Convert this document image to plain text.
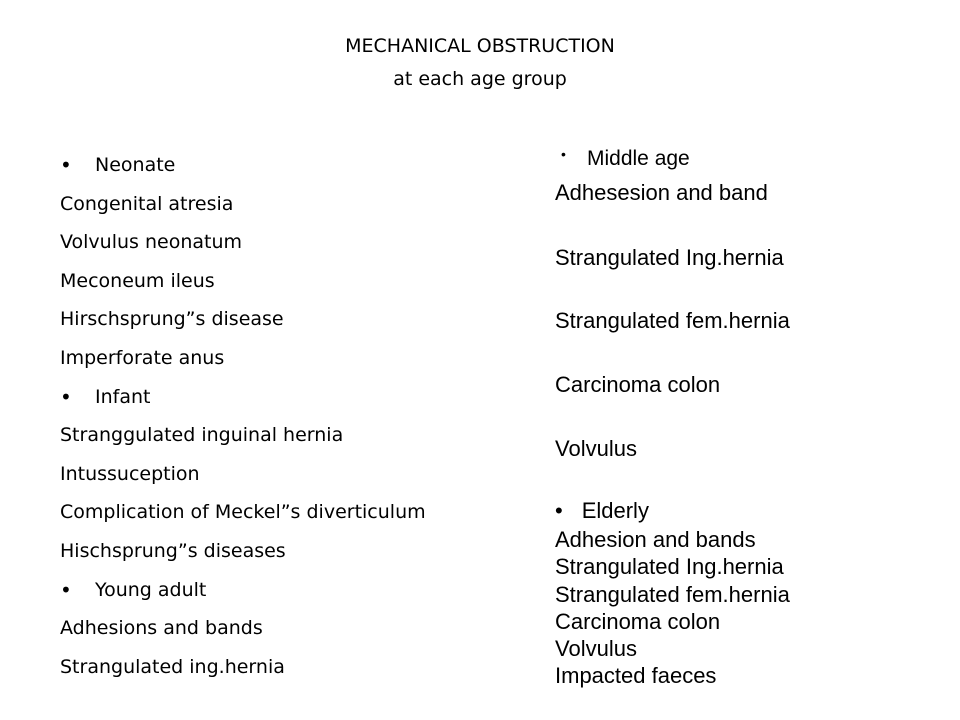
MECHANICAL OBSTRUCTION
at each age group
• Neonate
Congenital atresia
Volvulus neonatum
Meconeum ileus
Hirschsprung”s disease
Imperforate anus
• Infant
Stranggulated inguinal hernia
Intussuception
Complication of Meckel”s diverticulum
Hischsprung”s diseases
• Young adult
Adhesions and bands
Strangulated ing.hernia
• Middle age
Adhesesion and band
Strangulated Ing.hernia
Strangulated fem.hernia
Carcinoma colon
Volvulus
• Elderly
Adhesion and bands
Strangulated Ing.hernia
Strangulated fem.hernia
Carcinoma colon
Volvulus
Impacted faeces
